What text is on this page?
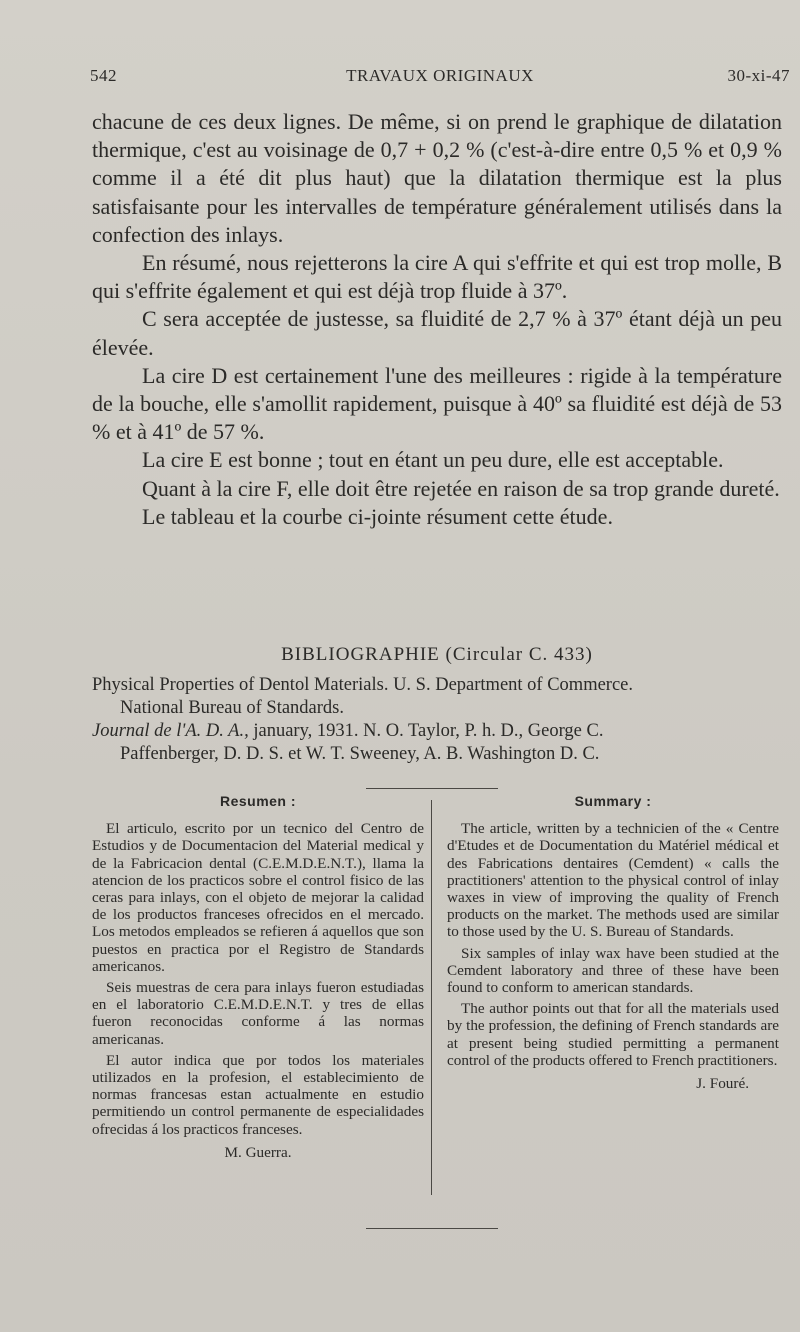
542	TRAVAUX ORIGINAUX	30-xi-47

chacune de ces deux lignes. De même, si on prend le graphique de dilatation thermique, c'est au voisinage de 0,7 + 0,2 % (c'est-à-dire entre 0,5 % et 0,9 % comme il a été dit plus haut) que la dilatation thermique est la plus satisfaisante pour les intervalles de température généralement utilisés dans la confection des inlays.

En résumé, nous rejetterons la cire A qui s'effrite et qui est trop molle, B qui s'effrite également et qui est déjà trop fluide à 37º.

C sera acceptée de justesse, sa fluidité de 2,7 % à 37º étant déjà un peu élevée.

La cire D est certainement l'une des meilleures : rigide à la température de la bouche, elle s'amollit rapidement, puisque à 40º sa fluidité est déjà de 53 % et à 41º de 57 %.

La cire E est bonne ; tout en étant un peu dure, elle est acceptable.

Quant à la cire F, elle doit être rejetée en raison de sa trop grande dureté.

Le tableau et la courbe ci-jointe résument cette étude.

BIBLIOGRAPHIE (Circular C. 433)

Physical Properties of Dentol Materials. U. S. Department of Commerce.

National Bureau of Standards.

Journal de l'A. D. A., january, 1931. N. O. Taylor, P. h. D., George C.

Paffenberger, D. D. S. et W. T. Sweeney, A. B. Washington D. C.

Resumen :

El articulo, escrito por un tecnico del Centro de Estudios y de Documentacion del Material medical y de la Fabricacion dental (C.E.M.D.E.N.T.), llama la atencion de los practicos sobre el control fisico de las ceras para inlays, con el objeto de mejorar la calidad de los productos franceses ofrecidos en el mercado. Los metodos empleados se refieren á aquellos que son puestos en practica por el Registro de Standards americanos.

Seis muestras de cera para inlays fueron estudiadas en el laboratorio C.E.M.D.E.N.T. y tres de ellas fueron reconocidas conforme á las normas americanas.

El autor indica que por todos los materiales utilizados en la profesion, el establecimiento de normas francesas estan actualmente en estudio permitiendo un control permanente de especialidades ofrecidas á los practicos franceses.

M. Guerra.

Summary :

The article, written by a technicien of the « Centre d'Etudes et de Documentation du Matériel médical et des Fabrications dentaires (Cemdent) « calls the practitioners' attention to the physical control of inlay waxes in view of improving the quality of French products on the market. The methods used are similar to those used by the U. S. Bureau of Standards.

Six samples of inlay wax have been studied at the Cemdent laboratory and three of these have been found to conform to american standards.

The author points out that for all the materials used by the profession, the defining of French standards are at present being studied permitting a permanent control of the products offered to French practitioners.

J. Fouré.
